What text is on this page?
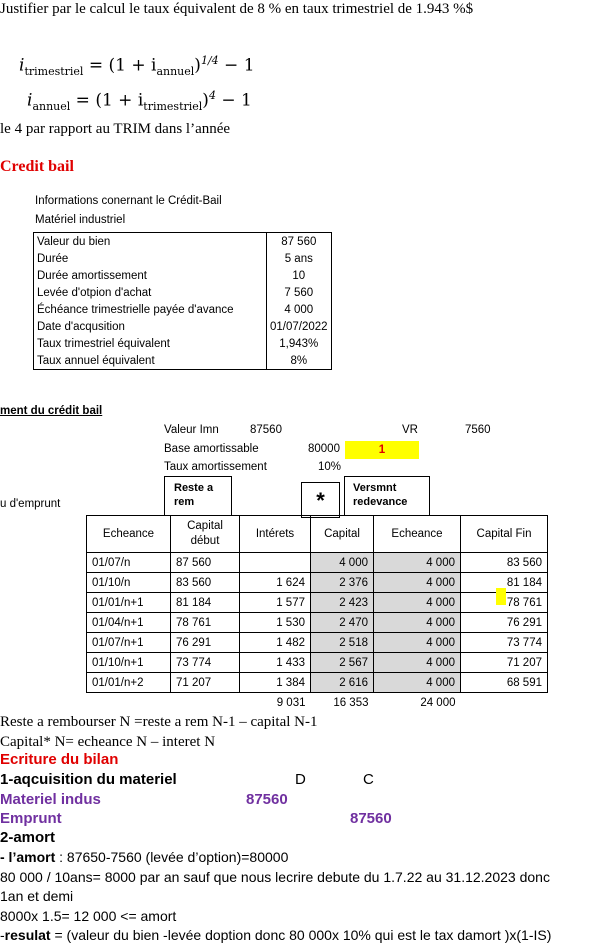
Justifier par le calcul le taux équivalent de 8 % en taux trimestriel de 1.943 %$
$i_{trimestriel} = (1 + i_{annuel})^{1/4} - 1$
$i_{annuel} = (1 + i_{trimestriel})^4 - 1$
le 4 par rapport au TRIM dans l’année
Credit bail
Informations conernant le Crédit-Bail
Matériel industriel
Valeur du bien	87 560
Durée	5 ans
Durée amortissement	10
Levée d'otpion d'achat	7 560
Échéance trimestrielle payée d'avance	4 000
Date d'acqusition	01/07/2022
Taux trimestriel équivalent	1,943%
Taux annuel équivalent	8%
ment du crédit bail
Valeur Imn	87560	VR	7560
Base amortissable	80000	1
Taux amortissement	10%
u d'emprunt
Reste a
rem	*	Versmnt
redevance
Echeance	Capital
début	Intérets	Capital	Echeance	Capital Fin
01/07/n	87 560		4 000	4 000	83 560
01/10/n	83 560	1 624	2 376	4 000	81 184
01/01/n+1	81 184	1 577	2 423	4 000	78 761
01/04/n+1	78 761	1 530	2 470	4 000	76 291
01/07/n+1	76 291	1 482	2 518	4 000	73 774
01/10/n+1	73 774	1 433	2 567	4 000	71 207
01/01/n+2	71 207	1 384	2 616	4 000	68 591
		9 031	16 353	24 000	
Reste a rembourser N =reste a rem N-1 – capital N-1
Capital* N= echeance N – interet N
Ecriture du bilan
1-aqcuisition du materiel	D	C
Materiel indus	87560
Emprunt	87560
2-amort
- l’amort : 87650-7560 (levée d’option)=80000
80 000 / 10ans= 8000 par an sauf que nous lecrire debute du 1.7.22 au 31.12.2023 donc
1an et demi
8000x 1.5= 12 000 <= amort
-resulat = (valeur du bien -levée doption donc 80 000x 10% qui est le tax damort )x(1-IS)
